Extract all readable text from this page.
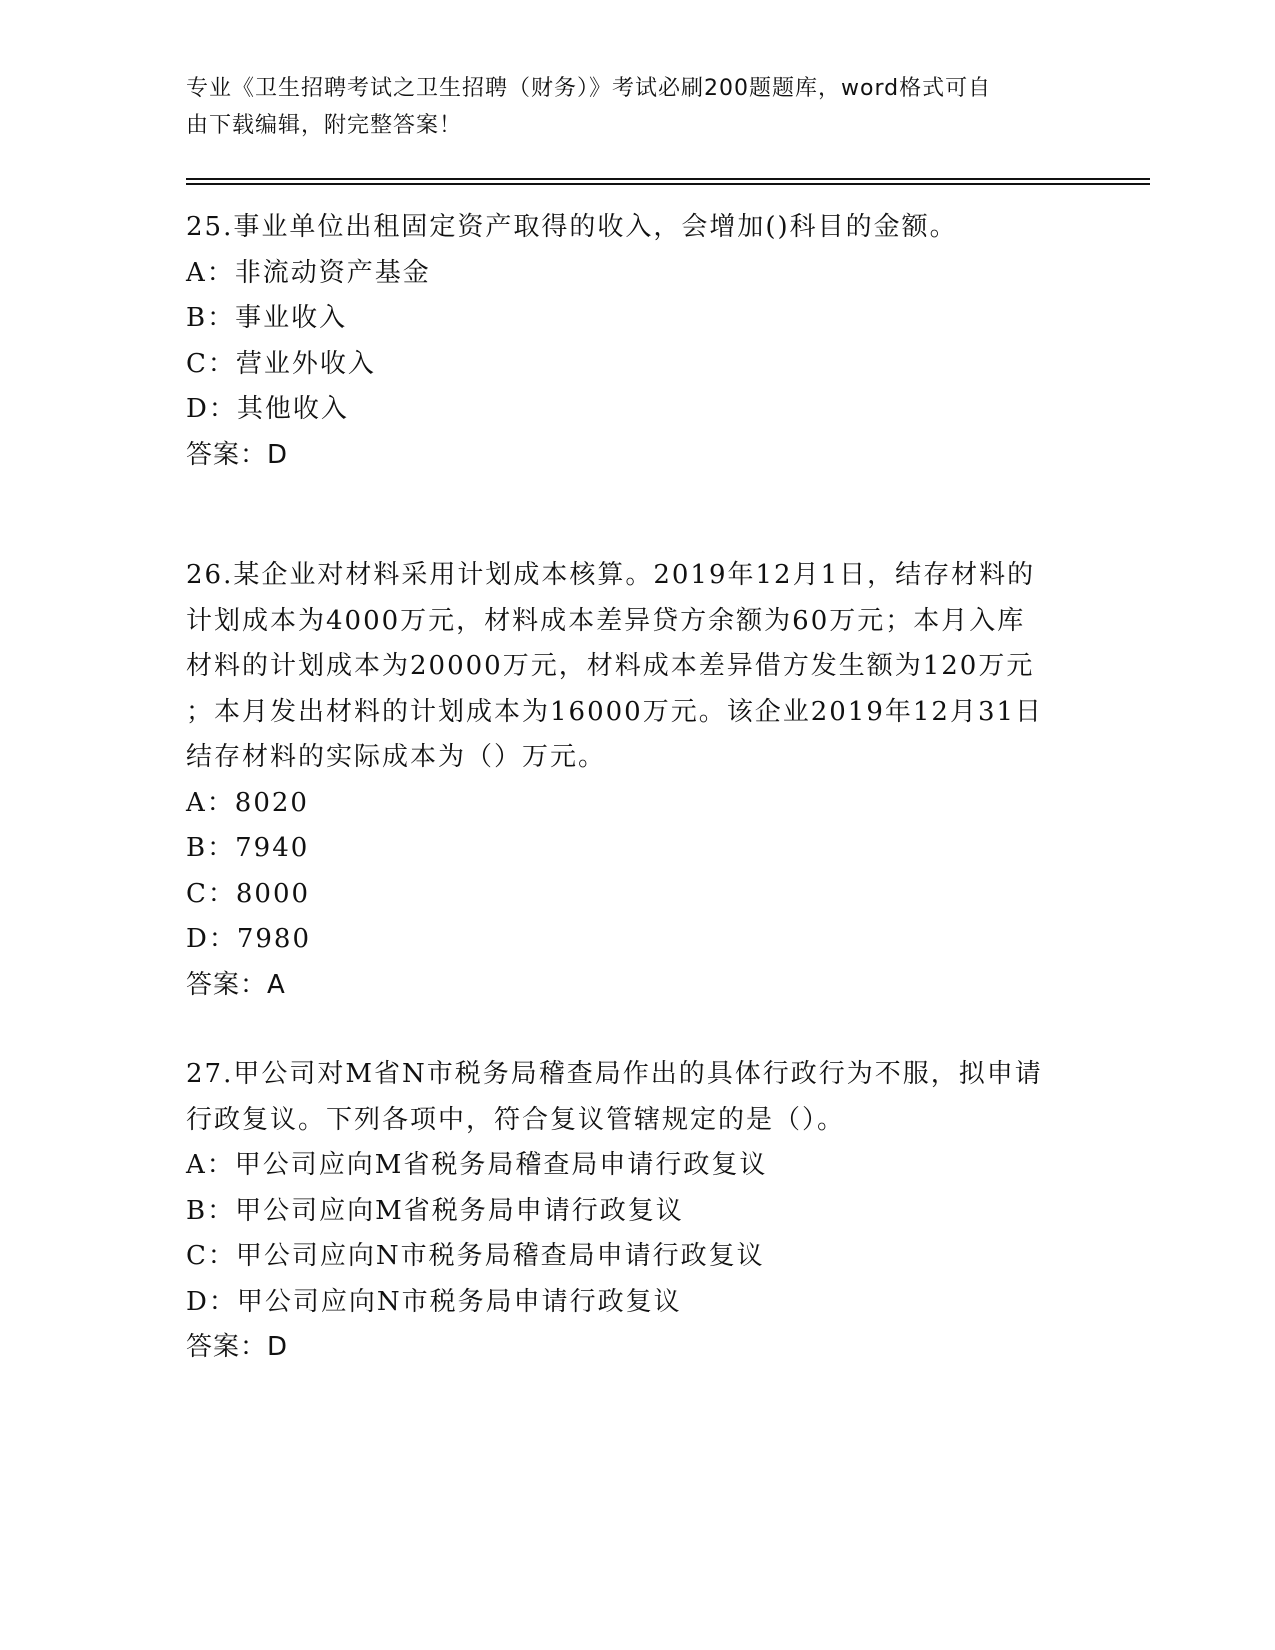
专业《卫生招聘考试之卫生招聘（财务）》考试必刷200题题库，word格式可自
由下载编辑，附完整答案！

25.事业单位出租固定资产取得的收入，会增加()科目的金额。

A：非流动资产基金

B：事业收入

C：营业外收入

D：其他收入

答案：D

26.某企业对材料采用计划成本核算。2019年12月1日，结存材料的

计划成本为4000万元，材料成本差异贷方余额为60万元；本月入库

材料的计划成本为20000万元，材料成本差异借方发生额为120万元

；本月发出材料的计划成本为16000万元。该企业2019年12月31日

结存材料的实际成本为（）万元。

A：8020

B：7940

C：8000

D：7980

答案：A

27.甲公司对M省N市税务局稽查局作出的具体行政行为不服，拟申请

行政复议。下列各项中，符合复议管辖规定的是（）。

A：甲公司应向M省税务局稽查局申请行政复议

B：甲公司应向M省税务局申请行政复议

C：甲公司应向N市税务局稽查局申请行政复议

D：甲公司应向N市税务局申请行政复议

答案：D
